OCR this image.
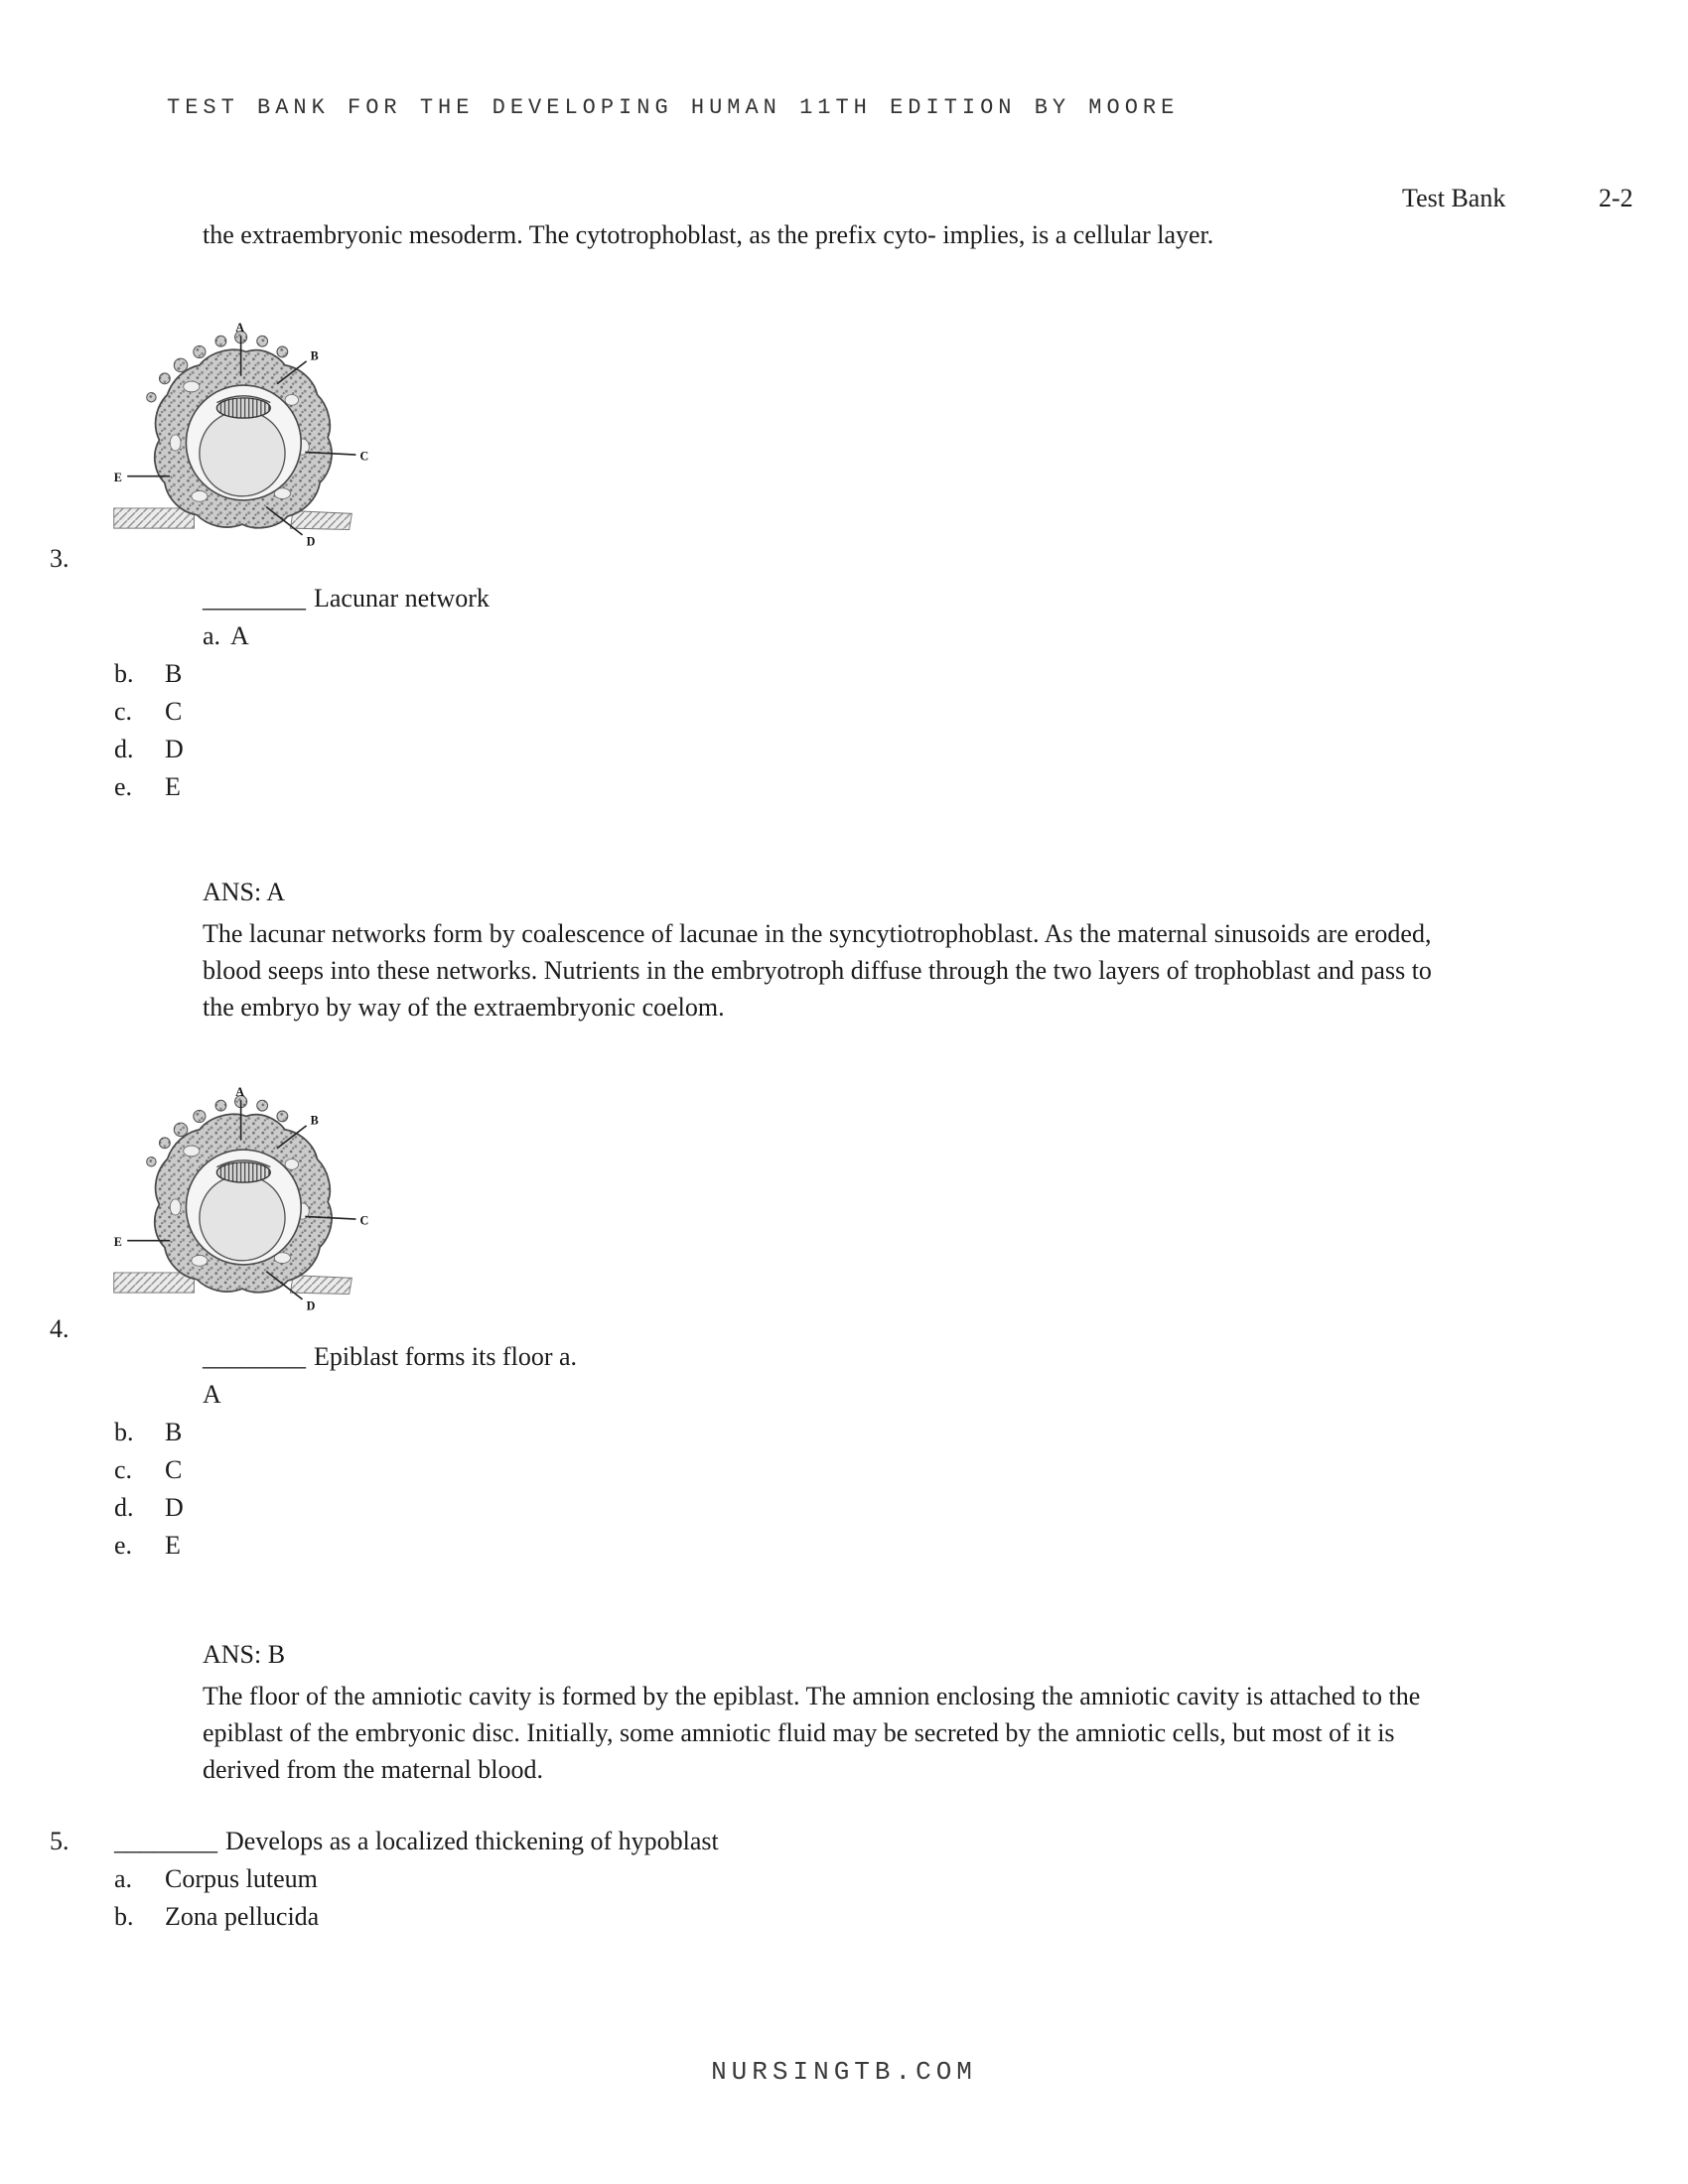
TEST BANK FOR THE DEVELOPING HUMAN 11TH EDITION BY MOORE
Test Bank	2-2
the extraembryonic mesoderm. The cytotrophoblast, as the prefix cyto- implies, is a cellular layer.
A
B
C
D
E
3.
________ Lacunar network
a. A
b.	B
c.	C
d.	D
e.	E
ANS: A
The lacunar networks form by coalescence of lacunae in the syncytiotrophoblast. As the maternal sinusoids are eroded, blood seeps into these networks. Nutrients in the embryotroph diffuse through the two layers of trophoblast and pass to the embryo by way of the extraembryonic coelom.
A
B
C
D
E
4.
________ Epiblast forms its floor a.
A
b.	B
c.	C
d.	D
e.	E
ANS: B
The floor of the amniotic cavity is formed by the epiblast. The amnion enclosing the amniotic cavity is attached to the epiblast of the embryonic disc. Initially, some amniotic fluid may be secreted by the amniotic cells, but most of it is derived from the maternal blood.
5. ________ Develops as a localized thickening of hypoblast
a.	Corpus luteum
b.	Zona pellucida
NURSINGTB.COM
